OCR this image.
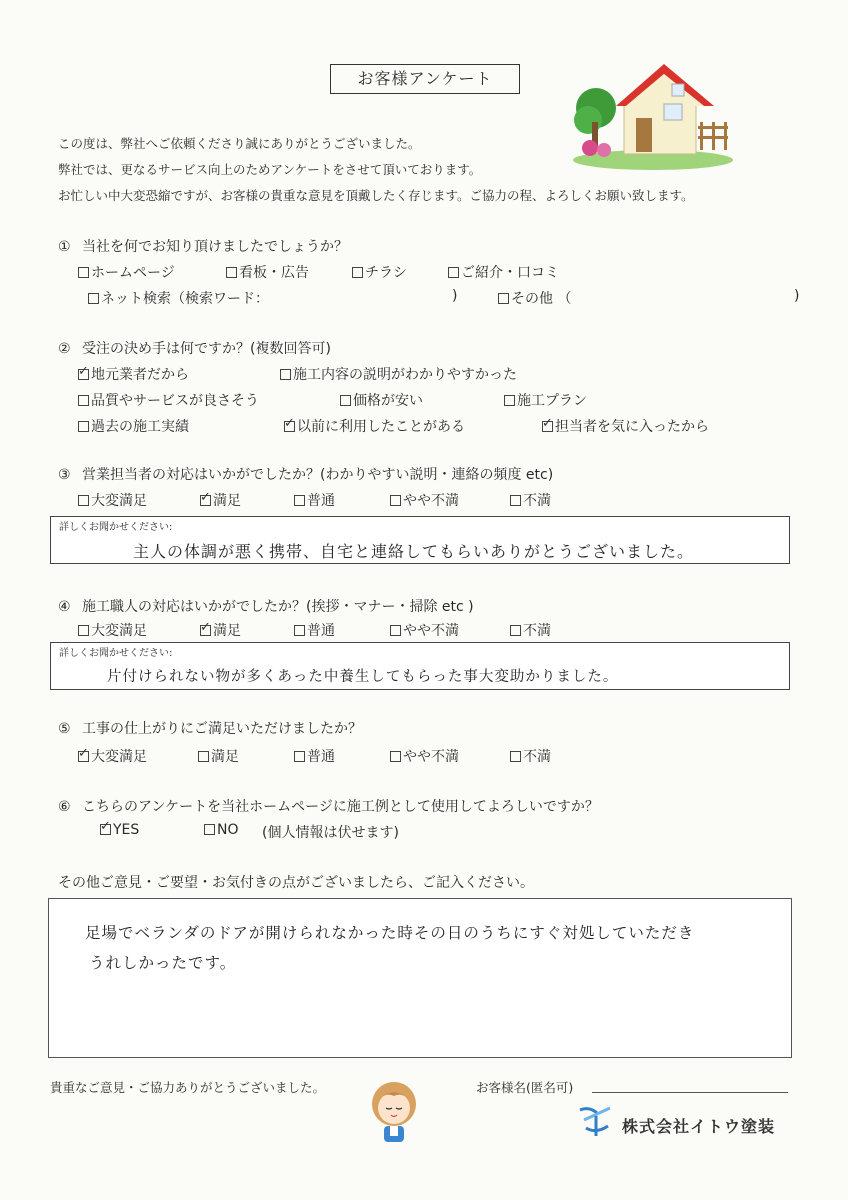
お客様アンケート
この度は、弊社へご依頼くださり誠にありがとうございました。
弊社では、更なるサービス向上のためアンケートをさせて頂いております。
お忙しい中大変恐縮ですが、お客様の貴重な意見を頂戴したく存じます。ご協力の程、よろしくお願い致します。
① 当社を何でお知り頂けましたでしょうか？
ホームページ	看板・広告	チラシ	ご紹介・口コミ
ネット検索（検索ワード：	)	その他 （	)
② 受注の決め手は何ですか？(複数回答可)
✓地元業者だから	施工内容の説明がわかりやすかった
品質やサービスが良さそう	価格が安い	施工プラン
過去の施工実績 ✓	以前に利用したことがある ✓	担当者を気に入ったから
③ 営業担当者の対応はいかがでしたか？(わかりやすい説明・連絡の頻度 etc)
大変満足 ✓	満足	普通	やや不満	不満
詳しくお聞かせください:
主人の体調が悪く携帯、自宅と連絡してもらいありがとうございました。
④ 施工職人の対応はいかがでしたか？(挨拶・マナー・掃除 etc )
大変満足 ✓	満足	普通	やや不満	不満
詳しくお聞かせください:
片付けられない物が多くあった中養生してもらった事大変助かりました。
⑤ 工事の仕上がりにご満足いただけましたか？
✓大変満足	満足	普通	やや不満	不満
⑥ こちらのアンケートを当社ホームページに施工例として使用してよろしいですか？
✓YES	NO (個人情報は伏せます)
その他ご意見・ご要望・お気付きの点がございましたら、ご記入ください。
足場でベランダのドアが開けられなかった時その日のうちにすぐ対処していただき
うれしかったです。
貴重なご意見・ご協力ありがとうございました。	お客様名(匿名可)
株式会社イトウ塗装
